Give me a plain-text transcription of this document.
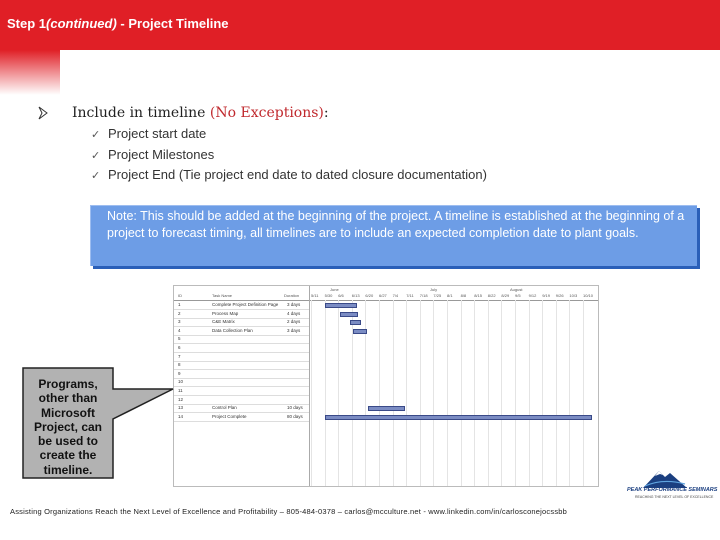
Step 1(continued) - Project Timeline
Include in timeline (No Exceptions):
✓ Project start date
✓ Project Milestones
✓ Project End (Tie project end date to dated closure documentation)
Note: This should be added at the beginning of the project. A timeline is established at the beginning of a project to forecast timing, all timelines are to include an expected completion date to plant goals.
1	Complete Project Definition Page 3 days
2	Process Map	4 days
3	C&E Matrix	2 days
4	Data Collection Plan	3 days
5
6
7
8
9
10
11
12
13	Control Plan	10 days
14	Project Complete	80 days
ID	Task Name	Duration
June	July	August
5/11 5/30 6/6 6/13 6/20 6/27 7/4 7/11 7/18 7/25 8/1 8/8 8/15 8/22 8/29 9/5 9/12 9/19 9/26 10/3 10/10
Programs, other than Microsoft Project, can be used to create the timeline.
Assisting Organizations Reach the Next Level of Excellence and Profitability – 805-484-0378 – carlos@mcculture.net - www.linkedin.com/in/carlosconejocssbb
PEAK PERFORMANCE SEMINARS
REACHING THE NEXT LEVEL OF EXCELLENCE
